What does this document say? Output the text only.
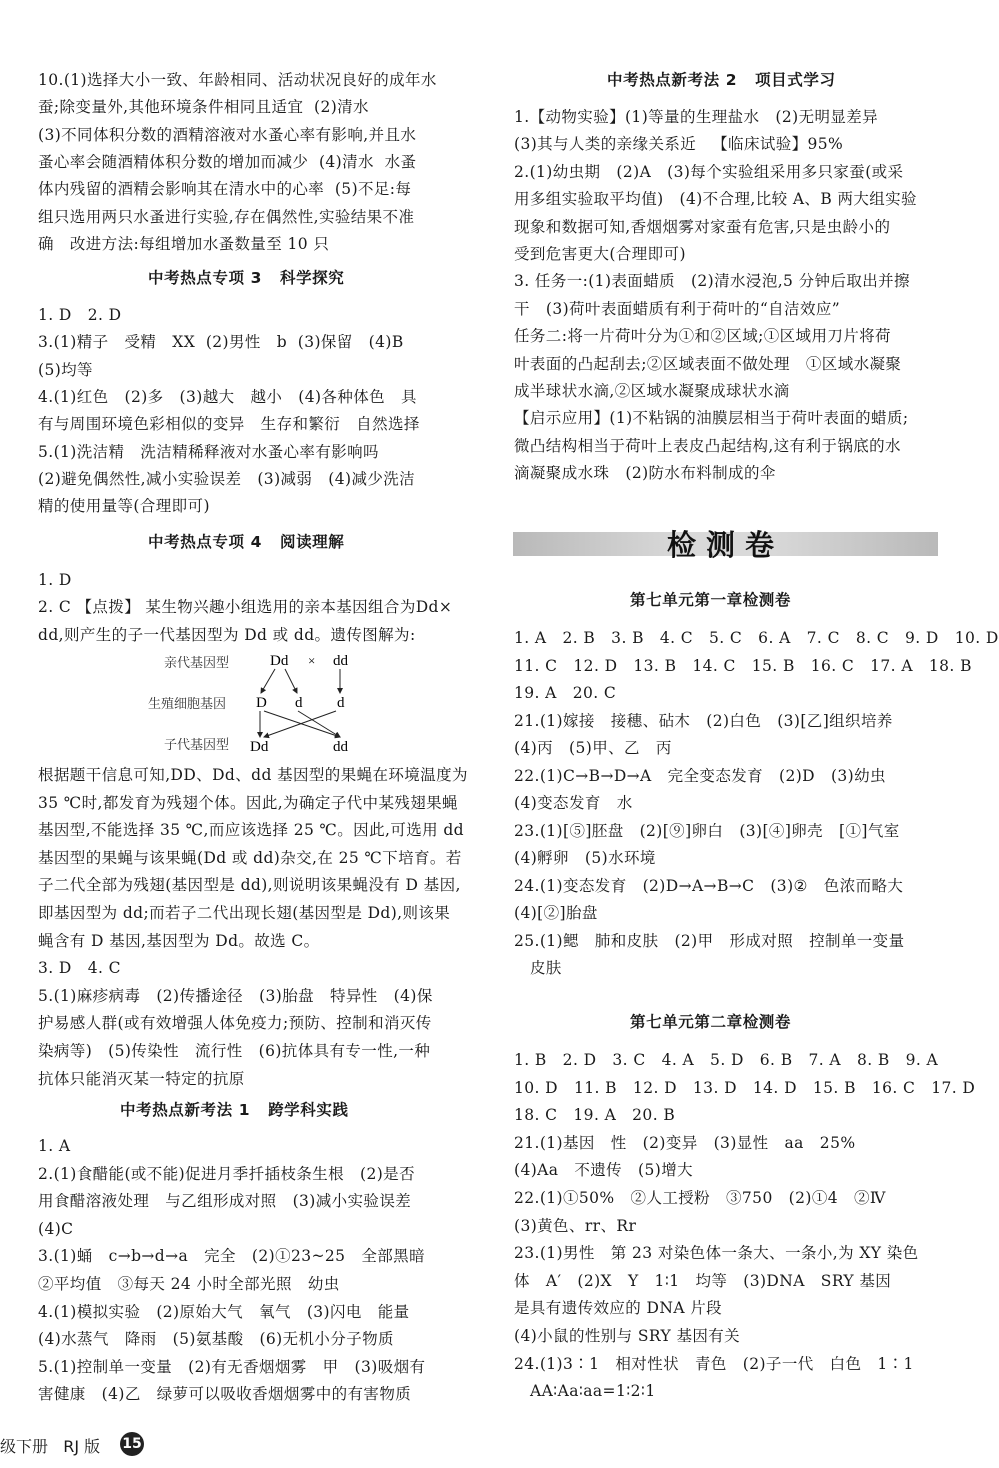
10.(1)选择大小一致、年龄相同、活动状况良好的成年水
蚕;除变量外,其他环境条件相同且适宜  (2)清水
(3)不同体积分数的酒精溶液对水蚤心率有影响,并且水
蚤心率会随酒精体积分数的增加而减少  (4)清水  水蚤
体内残留的酒精会影响其在清水中的心率  (5)不足:每
组只选用两只水蚤进行实验,存在偶然性,实验结果不准
确   改进方法:每组增加水蚤数量至 10 只
中考热点专项 3   科学探究
1. D   2. D
3.(1)精子   受精   XX  (2)男性   b  (3)保留   (4)B
(5)均等
4.(1)红色   (2)多   (3)越大   越小   (4)各种体色   具
有与周围环境色彩相似的变异   生存和繁衍   自然选择
5.(1)洗洁精   洗洁精稀释液对水蚤心率有影响吗
(2)避免偶然性,减小实验误差   (3)减弱   (4)减少洗洁
精的使用量等(合理即可)
中考热点专项 4   阅读理解
1. D
2. C 【点拨】 某生物兴趣小组选用的亲本基因组合为Dd×
dd,则产生的子一代基因型为 Dd 或 dd。遗传图解为:
亲代基因型
生殖细胞基因
子代基因型
Dd × dd
D d d
Dd	dd
根据题干信息可知,DD、Dd、dd 基因型的果蝇在环境温度为
35 ℃时,都发育为残翅个体。因此,为确定子代中某残翅果蝇
基因型,不能选择 35 ℃,而应该选择 25 ℃。因此,可选用 dd
基因型的果蝇与该果蝇(Dd 或 dd)杂交,在 25 ℃下培育。若
子二代全部为残翅(基因型是 dd),则说明该果蝇没有 D 基因,
即基因型为 dd;而若子二代出现长翅(基因型是 Dd),则该果
蝇含有 D 基因,基因型为 Dd。故选 C。
3. D   4. C
5.(1)麻疹病毒   (2)传播途径   (3)胎盘   特异性   (4)保
护易感人群(或有效增强人体免疫力;预防、控制和消灭传
染病等)   (5)传染性   流行性   (6)抗体具有专一性,一种
抗体只能消灭某一特定的抗原
中考热点新考法 1   跨学科实践
1. A
2.(1)食醋能(或不能)促进月季扦插枝条生根   (2)是否
用食醋溶液处理   与乙组形成对照   (3)减小实验误差
(4)C
3.(1)蛹   c→b→d→a   完全   (2)①23~25   全部黑暗
②平均值   ③每天 24 小时全部光照   幼虫
4.(1)模拟实验   (2)原始大气   氧气   (3)闪电   能量
(4)水蒸气   降雨   (5)氨基酸   (6)无机小分子物质
5.(1)控制单一变量   (2)有无香烟烟雾   甲   (3)吸烟有
害健康   (4)乙   绿萝可以吸收香烟烟雾中的有害物质
中考热点新考法 2   项目式学习
1.【动物实验】(1)等量的生理盐水   (2)无明显差异
(3)其与人类的亲缘关系近   【临床试验】95%
2.(1)幼虫期   (2)A   (3)每个实验组采用多只家蚕(或采
用多组实验取平均值)   (4)不合理,比较 A、B 两大组实验
现象和数据可知,香烟烟雾对家蚕有危害,只是虫龄小的
受到危害更大(合理即可)
3. 任务一:(1)表面蜡质   (2)清水浸泡,5 分钟后取出并擦
干   (3)荷叶表面蜡质有利于荷叶的“自洁效应”
任务二:将一片荷叶分为①和②区域;①区域用刀片将荷
叶表面的凸起刮去;②区域表面不做处理   ①区域水凝聚
成半球状水滴,②区域水凝聚成球状水滴
【启示应用】(1)不粘锅的油膜层相当于荷叶表面的蜡质;
微凸结构相当于荷叶上表皮凸起结构,这有利于锅底的水
滴凝聚成水珠   (2)防水布料制成的伞
第七单元第一章检测卷
1. A   2. B   3. B   4. C   5. C   6. A   7. C   8. C   9. D   10. D
11. C   12. D   13. B   14. C   15. B   16. C   17. A   18. B
19. A   20. C
21.(1)嫁接   接穗、砧木   (2)白色   (3)[乙]组织培养
(4)丙   (5)甲、乙   丙
22.(1)C→B→D→A   完全变态发育   (2)D   (3)幼虫
(4)变态发育   水
23.(1)[⑤]胚盘   (2)[⑨]卵白   (3)[④]卵壳   [①]气室
(4)孵卵   (5)水环境
24.(1)变态发育   (2)D→A→B→C   (3)②   色浓而略大
(4)[②]胎盘
25.(1)鳃   肺和皮肤   (2)甲   形成对照   控制单一变量
皮肤
第七单元第二章检测卷
1. B   2. D   3. C   4. A   5. D   6. B   7. A   8. B   9. A
10. D   11. B   12. D   13. D   14. D   15. B   16. C   17. D
18. C   19. A   20. B
21.(1)基因   性   (2)变异   (3)显性   aa   25%
(4)Aa   不遗传   (5)增大
22.(1)①50%   ②人工授粉   ③750   (2)①4   ②Ⅳ
(3)黄色、rr、Rr
23.(1)男性   第 23 对染色体一条大、一条小,为 XY 染色
体   A′   (2)X   Y   1∶1   均等   (3)DNA   SRY 基因
是具有遗传效应的 DNA 片段
(4)小鼠的性别与 SRY 基因有关
24.(1)3∶1   相对性状   青色   (2)子一代   白色   1∶1
AA∶Aa∶aa=1∶2∶1
检测卷
级下册   RJ 版 15
